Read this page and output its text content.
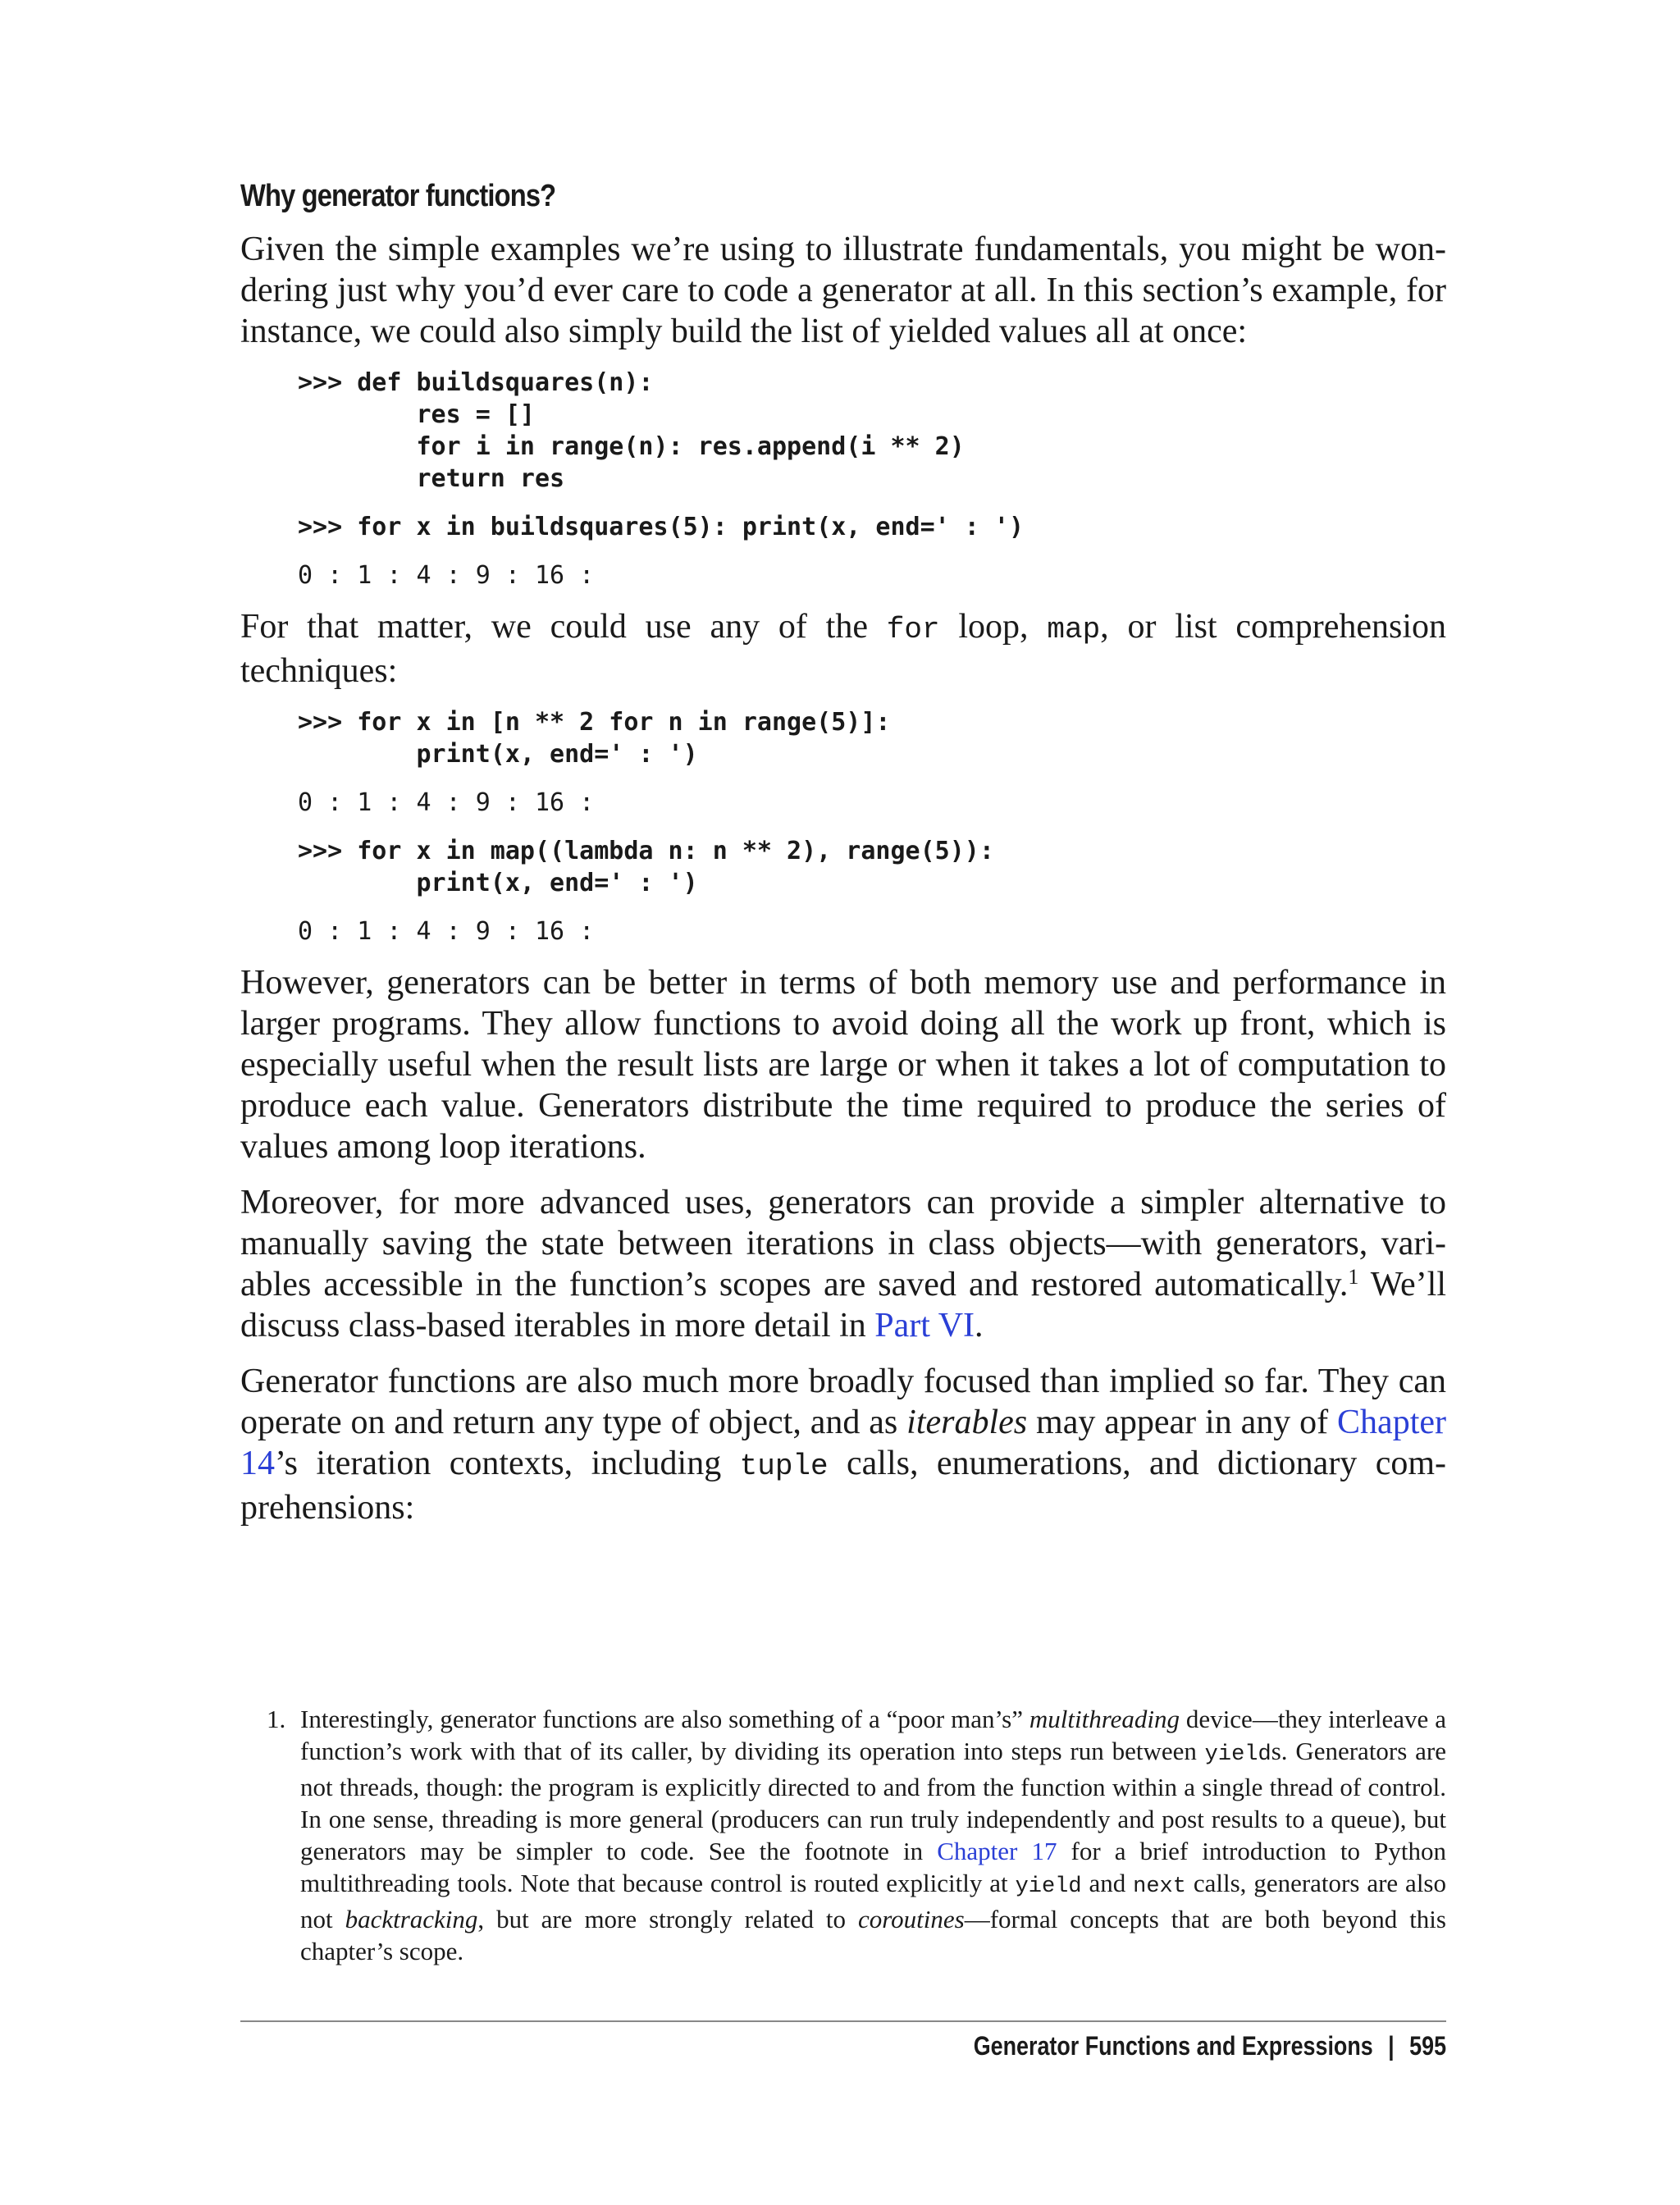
Why generator functions?

Given the simple examples we’re using to illustrate fundamentals, you might be wondering just why you’d ever care to code a generator at all. In this section’s example, for instance, we could also simply build the list of yielded values all at once:

>>> def buildsquares(n):
res = []
for i in range(n): res.append(i ** 2)
return res

>>> for x in buildsquares(5): print(x, end=' : ')

0 : 1 : 4 : 9 : 16 :

For that matter, we could use any of the for loop, map, or list comprehension techniques:

>>> for x in [n ** 2 for n in range(5)]:
print(x, end=' : ')

0 : 1 : 4 : 9 : 16 :

>>> for x in map((lambda n: n ** 2), range(5)):
print(x, end=' : ')

0 : 1 : 4 : 9 : 16 :

However, generators can be better in terms of both memory use and performance in larger programs. They allow functions to avoid doing all the work up front, which is especially useful when the result lists are large or when it takes a lot of computation to produce each value. Generators distribute the time required to produce the series of values among loop iterations.

Moreover, for more advanced uses, generators can provide a simpler alternative to manually saving the state between iterations in class objects—with generators, variables accessible in the function’s scopes are saved and restored automatically.$^1$ We’ll discuss class-based iterables in more detail in Part VI.

Generator functions are also much more broadly focused than implied so far. They can operate on and return any type of object, and as iterables may appear in any of Chapter 14’s iteration contexts, including tuple calls, enumerations, and dictionary comprehensions:

1. Interestingly, generator functions are also something of a “poor man’s” multithreading device—they interleave a function’s work with that of its caller, by dividing its operation into steps run between yields. Generators are not threads, though: the program is explicitly directed to and from the function within a single thread of control. In one sense, threading is more general (producers can run truly independently and post results to a queue), but generators may be simpler to code. See the footnote in Chapter 17 for a brief introduction to Python multithreading tools. Note that because control is routed explicitly at yield and next calls, generators are also not backtracking, but are more strongly related to coroutines—formal concepts that are both beyond this chapter’s scope.
Generator Functions and Expressions | 595
